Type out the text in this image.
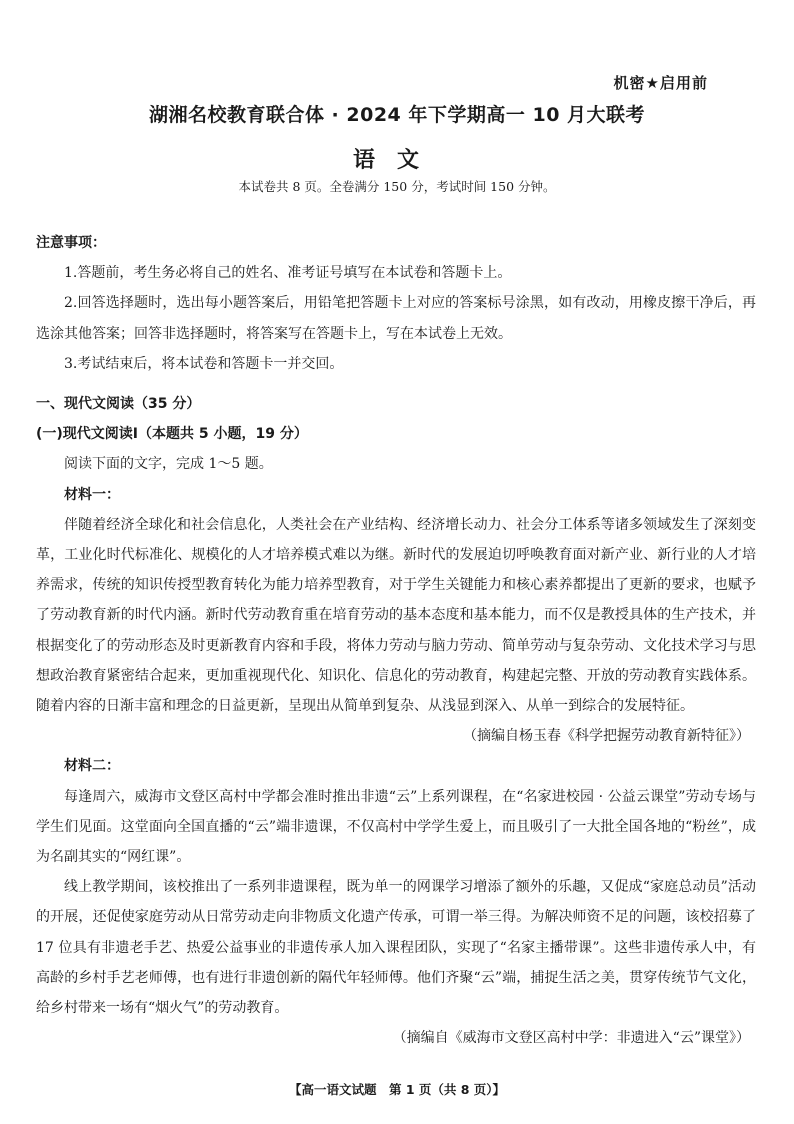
机密★启用前
湖湘名校教育联合体 · 2024 年下学期高一 10 月大联考
语文
本试卷共 8 页。全卷满分 150 分，考试时间 150 分钟。

注意事项：

1.答题前，考生务必将自己的姓名、准考证号填写在本试卷和答题卡上。

2.回答选择题时，选出每小题答案后，用铅笔把答题卡上对应的答案标号涂黑，如有改动，用橡皮擦干净后，再选涂其他答案；回答非选择题时，将答案写在答题卡上，写在本试卷上无效。

3.考试结束后，将本试卷和答题卡一并交回。

一、现代文阅读（35 分）

(一)现代文阅读Ⅰ（本题共 5 小题，19 分）

阅读下面的文字，完成 1～5 题。

材料一：

伴随着经济全球化和社会信息化，人类社会在产业结构、经济增长动力、社会分工体系等诸多领域发生了深刻变革，工业化时代标准化、规模化的人才培养模式难以为继。新时代的发展迫切呼唤教育面对新产业、新行业的人才培养需求，传统的知识传授型教育转化为能力培养型教育，对于学生关键能力和核心素养都提出了更新的要求，也赋予了劳动教育新的时代内涵。新时代劳动教育重在培育劳动的基本态度和基本能力，而不仅是教授具体的生产技术，并根据变化了的劳动形态及时更新教育内容和手段，将体力劳动与脑力劳动、简单劳动与复杂劳动、文化技术学习与思想政治教育紧密结合起来，更加重视现代化、知识化、信息化的劳动教育，构建起完整、开放的劳动教育实践体系。随着内容的日渐丰富和理念的日益更新，呈现出从简单到复杂、从浅显到深入、从单一到综合的发展特征。

（摘编自杨玉春《科学把握劳动教育新特征》）

材料二：

每逢周六，威海市文登区高村中学都会准时推出非遗“云”上系列课程，在“名家进校园 · 公益云课堂”劳动专场与学生们见面。这堂面向全国直播的“云”端非遗课，不仅高村中学学生爱上，而且吸引了一大批全国各地的“粉丝”，成为名副其实的“网红课”。

线上教学期间，该校推出了一系列非遗课程，既为单一的网课学习增添了额外的乐趣，又促成“家庭总动员”活动的开展，还促使家庭劳动从日常劳动走向非物质文化遗产传承，可谓一举三得。为解决师资不足的问题，该校招募了 17 位具有非遗老手艺、热爱公益事业的非遗传承人加入课程团队，实现了“名家主播带课”。这些非遗传承人中，有高龄的乡村手艺老师傅，也有进行非遗创新的隔代年轻师傅。他们齐聚“云”端，捕捉生活之美，贯穿传统节气文化，给乡村带来一场有“烟火气”的劳动教育。

（摘编自《威海市文登区高村中学：非遗进入“云”课堂》）

【高一语文试题　第 1 页（共 8 页）】
